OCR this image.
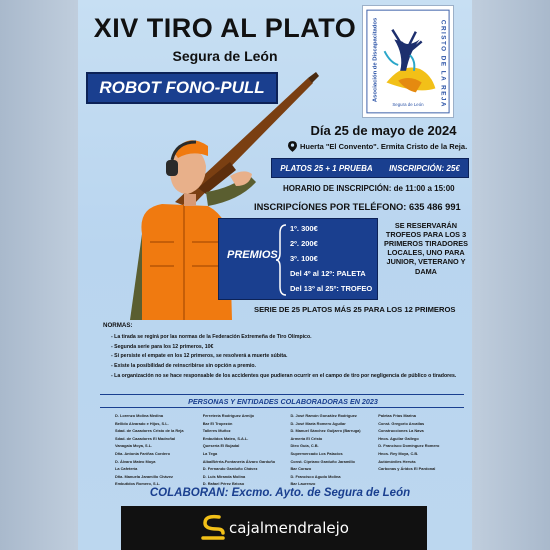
XIV TIRO AL PLATO
Segura de León	Asociación de Discapacitados	CRISTO DE LA REJA
Segura de León
ROBOT FONO-PULL
Día 25 de mayo de 2024
Huerta "El Convento". Ermita Cristo de la Reja.
PLATOS 25 + 1 PRUEBA INSCRIPCIÓN: 25€
HORARIO DE INSCRIPCIÓN: de 11:00 a 15:00
INSCRIPCÍONES POR TELÉFONO: 635 486 991
PREMIOS
1º. 300€
2º. 200€
3º. 100€
Del 4º al 12º: PALETA
Del 13º al 25º: TROFEO
SE RESERVARÁN TROFEOS PARA LOS 3 PRIMEROS TIRADORES LOCALES, UNO PARA JUNIOR, VETERANO Y DAMA
SERIE DE 25 PLATOS MÁS 25 PARA LOS 12 PRIMEROS
NORMAS:
- La tirada se regirá por las normas de la Federación Extremeña de Tiro Olímpico.
- Segunda serie para los 12 primeros, 10€
- Si persiste el empate en los 12 primeros, se resolverá a muerte súbita.
- Existe la posibilidad de reinscribirse sin opción a premio.
- La organización no se hace responsable de los accidentes que pudieran ocurrir en el campo de tiro por negligencia de público o tiradores.
PERSONAS Y ENTIDADES COLABORADORAS EN 2023
D. Lorenzo Molina Medina
Bellido Alvarado e Hijos, S.L.
Sdad. de Cazadores Cristo de la Reja
Sdad. de Cazadores El Madroñal
Vanagaia Moya, S.L.
Dña. Antonia Faríñas Cordero
D. Álvaro Mateo Moya
La Cafetería
Dña. Manuela Jaramillo Chávez
Embutidos Romero, S.L.
Ferretería Rodríguez Armijo
Bar El Tropezón
Talleres Muñoz
Embutidos Mateo, S.A.L.
Quesería El Bujadal
La Tega
Alba/Bérria-Fontaneria Álvaro Garduño
D. Fernando Garduño Chávez
D. Luis Miranda Molina
D. Rafael Pérez Brioso
D. José Ramón González Rodríguez
D. José María Romero Aguilar
D. Manuel Sánchez Guijarro (Barruga)
Armería El Cristo
Dieo Guía, C.B.
Supermercado Los Palacios
Const. Cipriano Garduño Jaramillo
Bar Corazo
D. Francisco Agudo Molina
Bar Laurenzo
Paletas Frías Marina
Const. Gregorio Arcatlas
Construcciones La Nava
Hnos. Aguilar Gallego
D. Francisco Domínguez Romero
Hnos. Rey Moya, C.B.
Autómóviles Hervás
Carbonas y Áridos El Pardonal
COLABORAN: Excmo. Ayto. de Segura de León
cajalmendralejo
